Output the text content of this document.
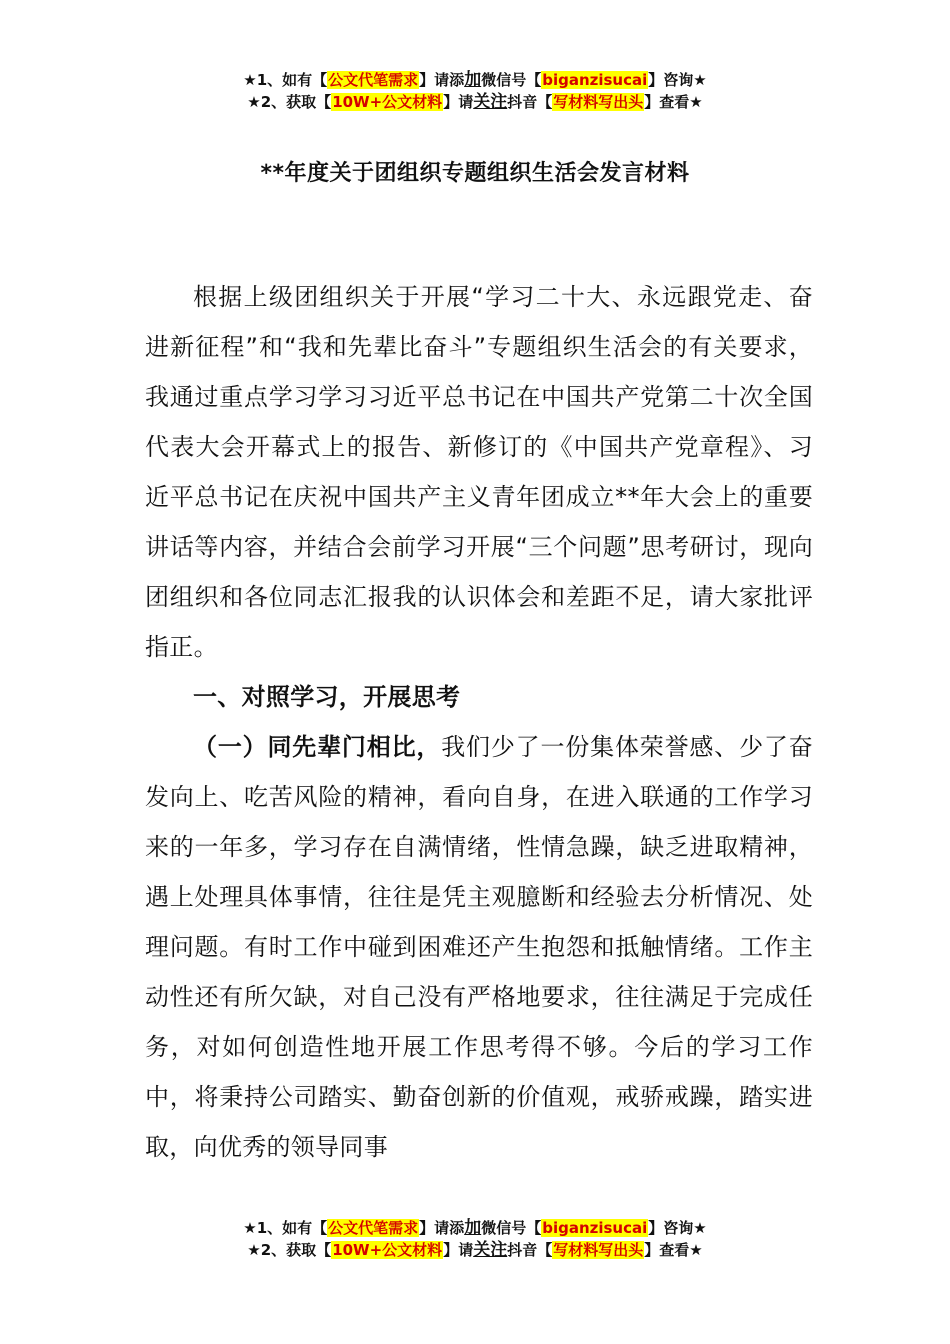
★1、如有【公文代笔需求】请添加微信号【biganzisucai】咨询★
★2、获取【10W+公文材料】请关注抖音【写材料写出头】查看★
**年度关于团组织专题组织生活会发言材料

根据上级团组织关于开展“学习二十大、永远跟党走、奋进新征程”和“我和先辈比奋斗”专题组织生活会的有关要求，我通过重点学习学习习近平总书记在中国共产党第二十次全国代表大会开幕式上的报告、新修订的《中国共产党章程》、习近平总书记在庆祝中国共产主义青年团成立**年大会上的重要讲话等内容，并结合会前学习开展“三个问题”思考研讨，现向团组织和各位同志汇报我的认识体会和差距不足，请大家批评指正。

一、对照学习，开展思考

（一）同先辈门相比，我们少了一份集体荣誉感、少了奋发向上、吃苦风险的精神，看向自身，在进入联通的工作学习来的一年多，学习存在自满情绪，性情急躁，缺乏进取精神，遇上处理具体事情，往往是凭主观臆断和经验去分析情况、处理问题。有时工作中碰到困难还产生抱怨和抵触情绪。工作主动性还有所欠缺，对自己没有严格地要求，往往满足于完成任务，对如何创造性地开展工作思考得不够。今后的学习工作中，将秉持公司踏实、勤奋创新的价值观，戒骄戒躁，踏实进取，向优秀的领导同事

★1、如有【公文代笔需求】请添加微信号【biganzisucai】咨询★
★2、获取【10W+公文材料】请关注抖音【写材料写出头】查看★
